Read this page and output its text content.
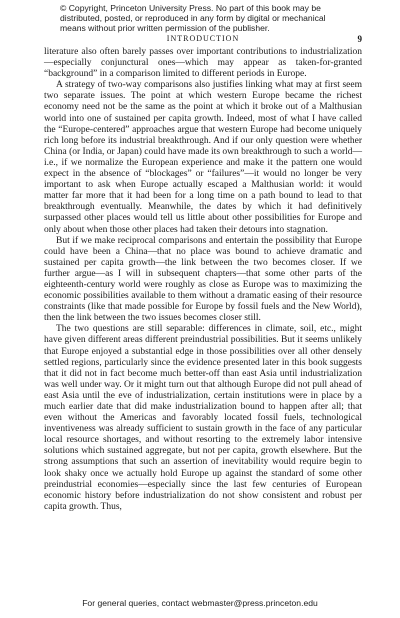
© Copyright, Princeton University Press. No part of this book may be distributed, posted, or reproduced in any form by digital or mechanical means without prior written permission of the publisher.
INTRODUCTION	9

literature also often barely passes over important contributions to industrialization—especially conjunctural ones—which may appear as taken-for-granted “background” in a comparison limited to different periods in Europe.

A strategy of two-way comparisons also justifies linking what may at first seem two separate issues. The point at which western Europe became the richest economy need not be the same as the point at which it broke out of a Malthusian world into one of sustained per capita growth. Indeed, most of what I have called the “Europe-centered” approaches argue that western Europe had become uniquely rich long before its industrial breakthrough. And if our only question were whether China (or India, or Japan) could have made its own breakthrough to such a world—i.e., if we normalize the European experience and make it the pattern one would expect in the absence of “blockages” or “failures”—it would no longer be very important to ask when Europe actually escaped a Malthusian world: it would matter far more that it had been for a long time on a path bound to lead to that breakthrough eventually. Meanwhile, the dates by which it had definitively surpassed other places would tell us little about other possibilities for Europe and only about when those other places had taken their detours into stagnation.

But if we make reciprocal comparisons and entertain the possibility that Europe could have been a China—that no place was bound to achieve dramatic and sustained per capita growth—the link between the two becomes closer. If we further argue—as I will in subsequent chapters—that some other parts of the eighteenth-century world were roughly as close as Europe was to maximizing the economic possibilities available to them without a dramatic easing of their resource constraints (like that made possible for Europe by fossil fuels and the New World), then the link between the two issues becomes closer still.

The two questions are still separable: differences in climate, soil, etc., might have given different areas different preindustrial possibilities. But it seems unlikely that Europe enjoyed a substantial edge in those possibilities over all other densely settled regions, particularly since the evidence presented later in this book suggests that it did not in fact become much better-off than east Asia until industrialization was well under way. Or it might turn out that although Europe did not pull ahead of east Asia until the eve of industrialization, certain institutions were in place by a much earlier date that did make industrialization bound to happen after all; that even without the Americas and favorably located fossil fuels, technological inventiveness was already sufficient to sustain growth in the face of any particular local resource shortages, and without resorting to the extremely labor intensive solutions which sustained aggregate, but not per capita, growth elsewhere. But the strong assumptions that such an assertion of inevitability would require begin to look shaky once we actually hold Europe up against the standard of some other preindustrial economies—especially since the last few centuries of European economic history before industrialization do not show consistent and robust per capita growth. Thus,

For general queries, contact webmaster@press.princeton.edu
